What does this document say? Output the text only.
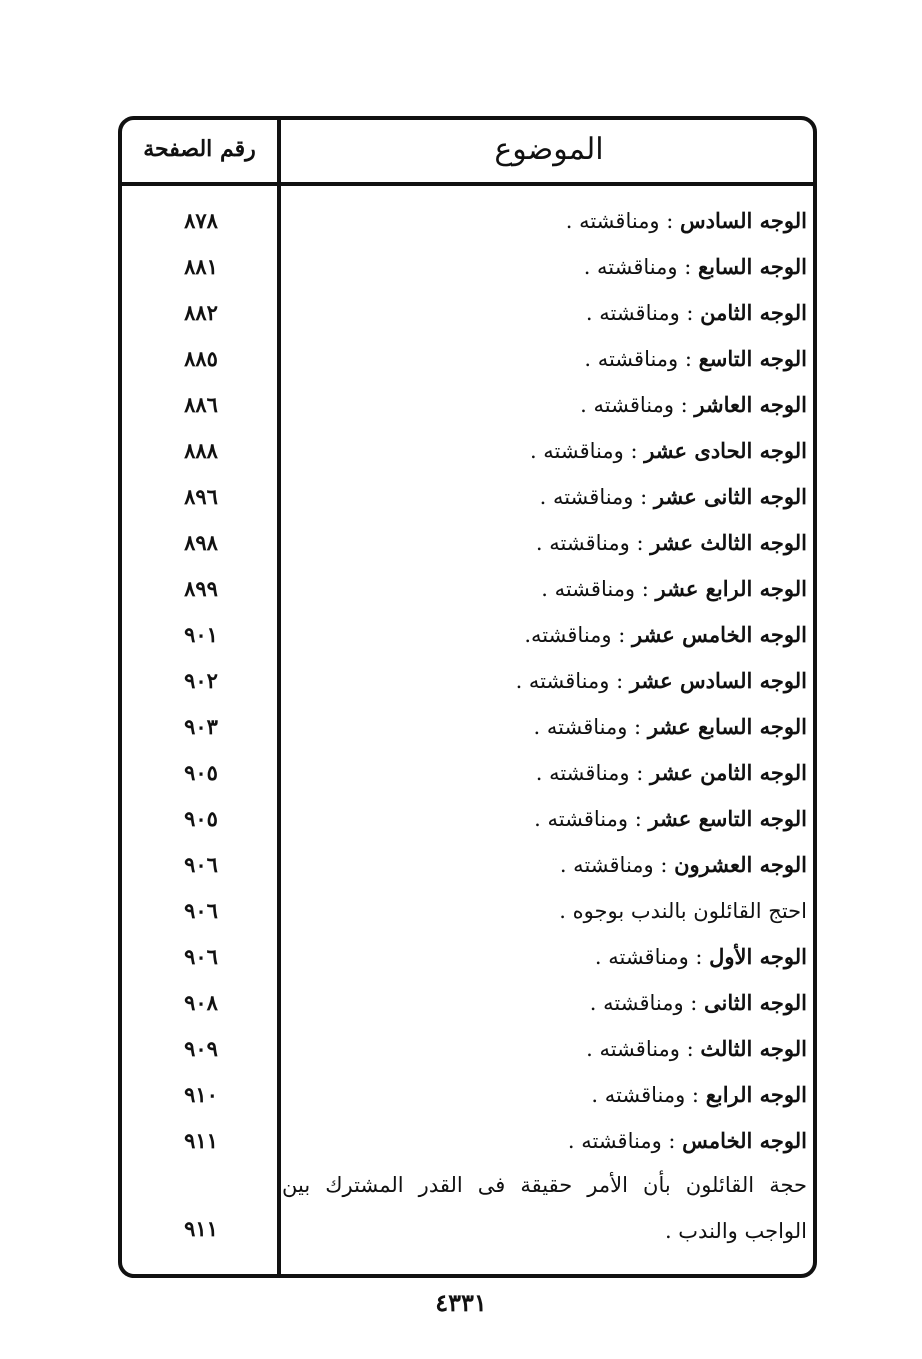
الموضوع
رقم الصفحة
الوجه السادس : ومناقشته .
٨٧٨
الوجه السابع : ومناقشته .
٨٨١
الوجه الثامن : ومناقشته .
٨٨٢
الوجه التاسع : ومناقشته .
٨٨٥
الوجه العاشر : ومناقشته .
٨٨٦
الوجه الحادى عشر : ومناقشته .
٨٨٨
الوجه الثانى عشر : ومناقشته .
٨٩٦
الوجه الثالث عشر : ومناقشته .
٨٩٨
الوجه الرابع عشر : ومناقشته .
٨٩٩
الوجه الخامس عشر : ومناقشته.
٩٠١
الوجه السادس عشر : ومناقشته .
٩٠٢
الوجه السابع عشر : ومناقشته .
٩٠٣
الوجه الثامن عشر : ومناقشته .
٩٠٥
الوجه التاسع عشر : ومناقشته .
٩٠٥
الوجه العشرون : ومناقشته .
٩٠٦
احتج القائلون بالندب بوجوه .
٩٠٦
الوجه الأول : ومناقشته .
٩٠٦
الوجه الثانى : ومناقشته .
٩٠٨
الوجه الثالث : ومناقشته .
٩٠٩
الوجه الرابع : ومناقشته .
٩١٠
الوجه الخامس : ومناقشته .
٩١١
حجة القائلون بأن الأمر حقيقة فى القدر المشترك بين الواجب والندب .
٩١١
٤٣٣١
